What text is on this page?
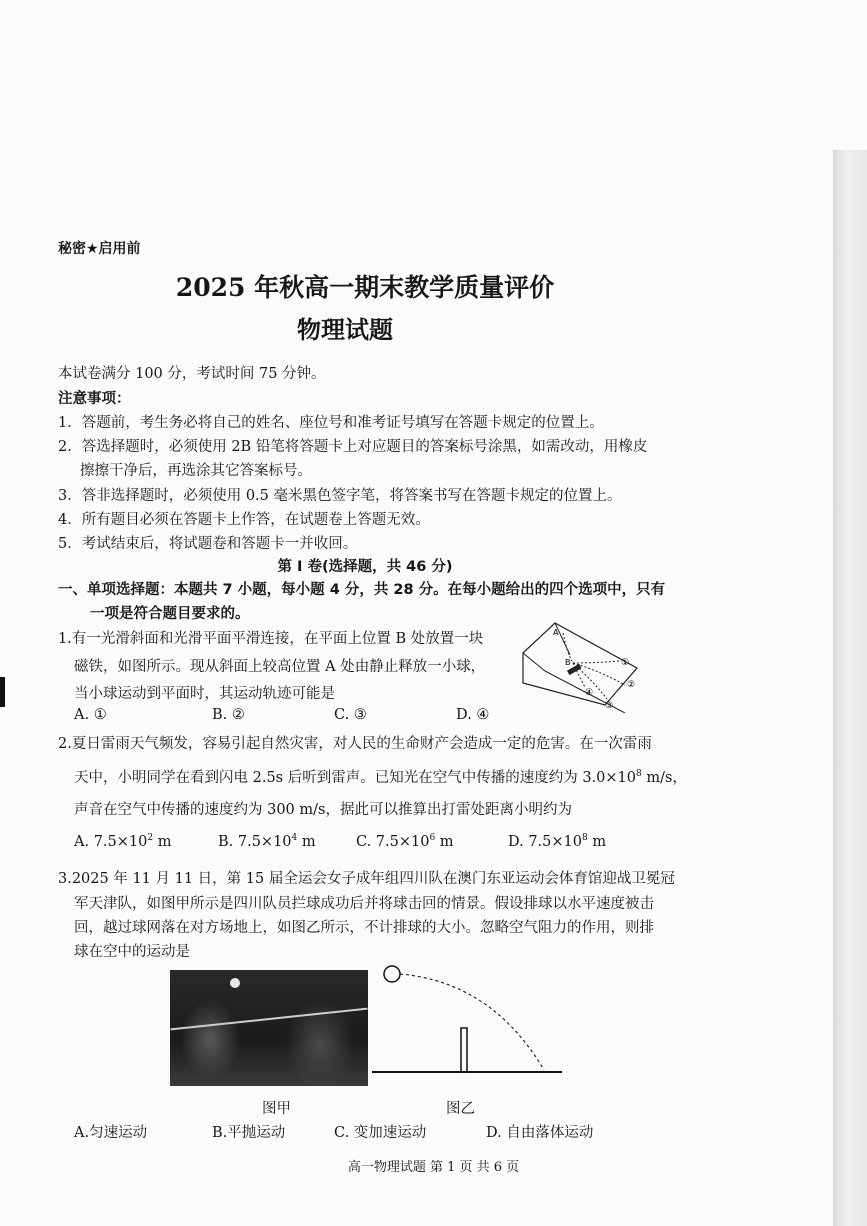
秘密★启用前
2025 年秋高一期末教学质量评价
物理试题
本试卷满分 100 分，考试时间 75 分钟。
注意事项：
1．答题前，考生务必将自己的姓名、座位号和准考证号填写在答题卡规定的位置上。
2．答选择题时，必须使用 2B 铅笔将答题卡上对应题目的答案标号涂黑，如需改动，用橡皮
擦擦干净后，再选涂其它答案标号。
3．答非选择题时，必须使用 0.5 毫米黑色签字笔，将答案书写在答题卡规定的位置上。
4．所有题目必须在答题卡上作答，在试题卷上答题无效。
5．考试结束后，将试题卷和答题卡一并收回。
第 I 卷(选择题，共 46 分)
一、单项选择题：本题共 7 小题，每小题 4 分，共 28 分。在每小题给出的四个选项中，只有
一项是符合题目要求的。
1.有一光滑斜面和光滑平面平滑连接，在平面上位置 B 处放置一块
磁铁，如图所示。现从斜面上较高位置 A 处由静止释放一小球，
当小球运动到平面时，其运动轨迹可能是
A. ①	B. ②	C. ③	D. ④
A
B	①
②
③
④
2.夏日雷雨天气频发，容易引起自然灾害，对人民的生命财产会造成一定的危害。在一次雷雨
天中，小明同学在看到闪电 2.5s 后听到雷声。已知光在空气中传播的速度约为 $3.0\times 10^8$ m/s，
声音在空气中传播的速度约为 300 m/s，据此可以推算出打雷处距离小明约为
A. $7.5\times 10^2$ m	B. $7.5\times 10^4$ m	C. $7.5\times 10^6$ m	D. $7.5\times 10^8$ m
3.2025 年 11 月 11 日，第 15 届全运会女子成年组四川队在澳门东亚运动会体育馆迎战卫冕冠
军天津队，如图甲所示是四川队员拦球成功后并将球击回的情景。假设排球以水平速度被击
回，越过球网落在对方场地上，如图乙所示，不计排球的大小。忽略空气阻力的作用，则排
球在空中的运动是
图甲	图乙
A.匀速运动	B.平抛运动	C. 变加速运动	D. 自由落体运动
高一物理试题 第 1 页 共 6 页
